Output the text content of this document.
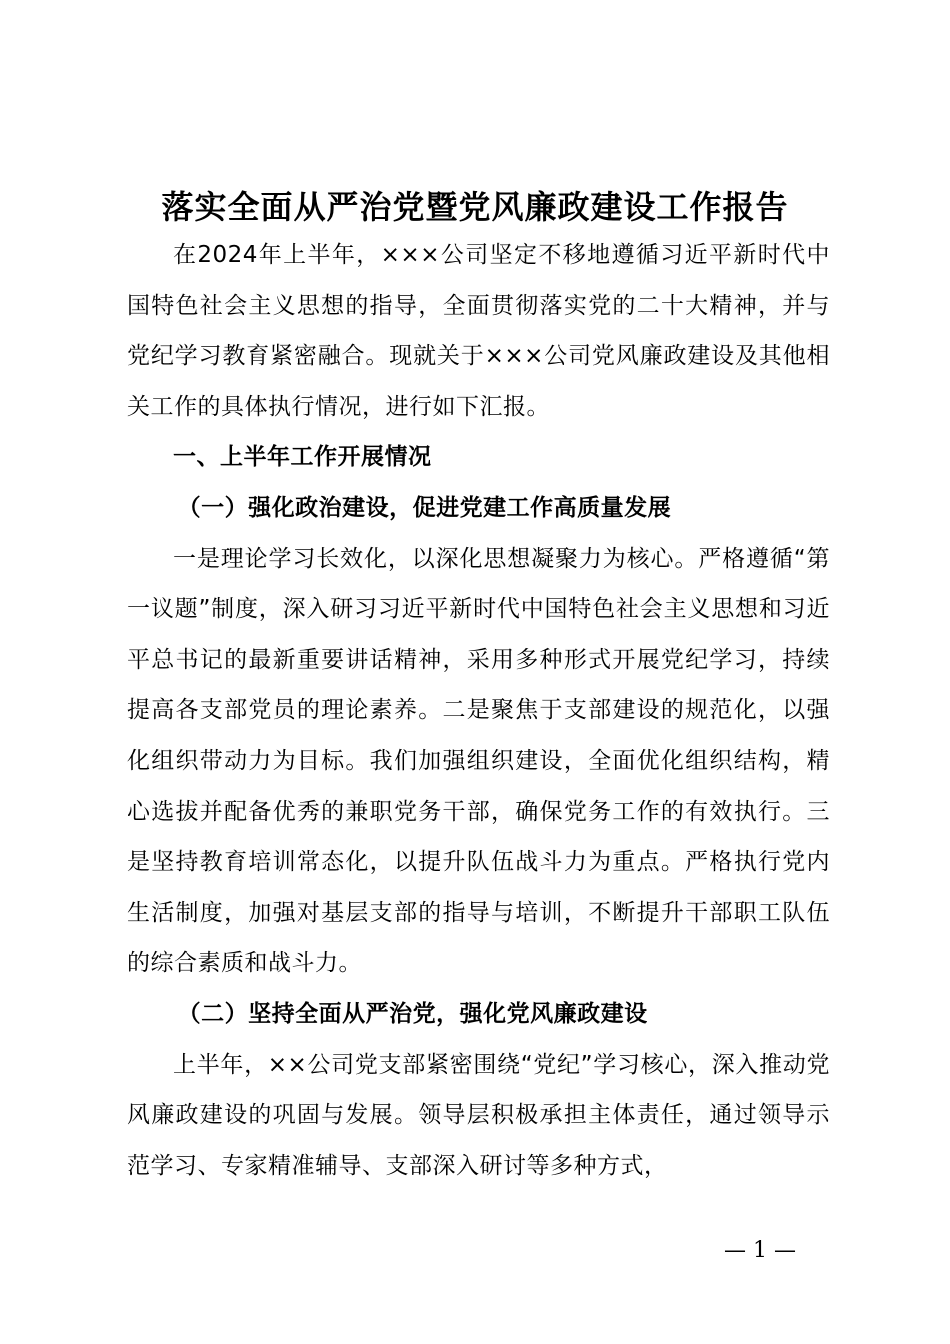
落实全面从严治党暨党风廉政建设工作报告

在2024年上半年，×××公司坚定不移地遵循习近平新时代中国特色社会主义思想的指导，全面贯彻落实党的二十大精神，并与党纪学习教育紧密融合。现就关于×××公司党风廉政建设及其他相关工作的具体执行情况，进行如下汇报。

一、上半年工作开展情况

（一）强化政治建设，促进党建工作高质量发展

一是理论学习长效化，以深化思想凝聚力为核心。严格遵循“第一议题”制度，深入研习习近平新时代中国特色社会主义思想和习近平总书记的最新重要讲话精神，采用多种形式开展党纪学习，持续提高各支部党员的理论素养。二是聚焦于支部建设的规范化，以强化组织带动力为目标。我们加强组织建设，全面优化组织结构，精心选拔并配备优秀的兼职党务干部，确保党务工作的有效执行。三是坚持教育培训常态化，以提升队伍战斗力为重点。严格执行党内生活制度，加强对基层支部的指导与培训，不断提升干部职工队伍的综合素质和战斗力。

（二）坚持全面从严治党，强化党风廉政建设

上半年，××公司党支部紧密围绕“党纪”学习核心，深入推动党风廉政建设的巩固与发展。领导层积极承担主体责任，通过领导示范学习、专家精准辅导、支部深入研讨等多种方式，

— 1 —
